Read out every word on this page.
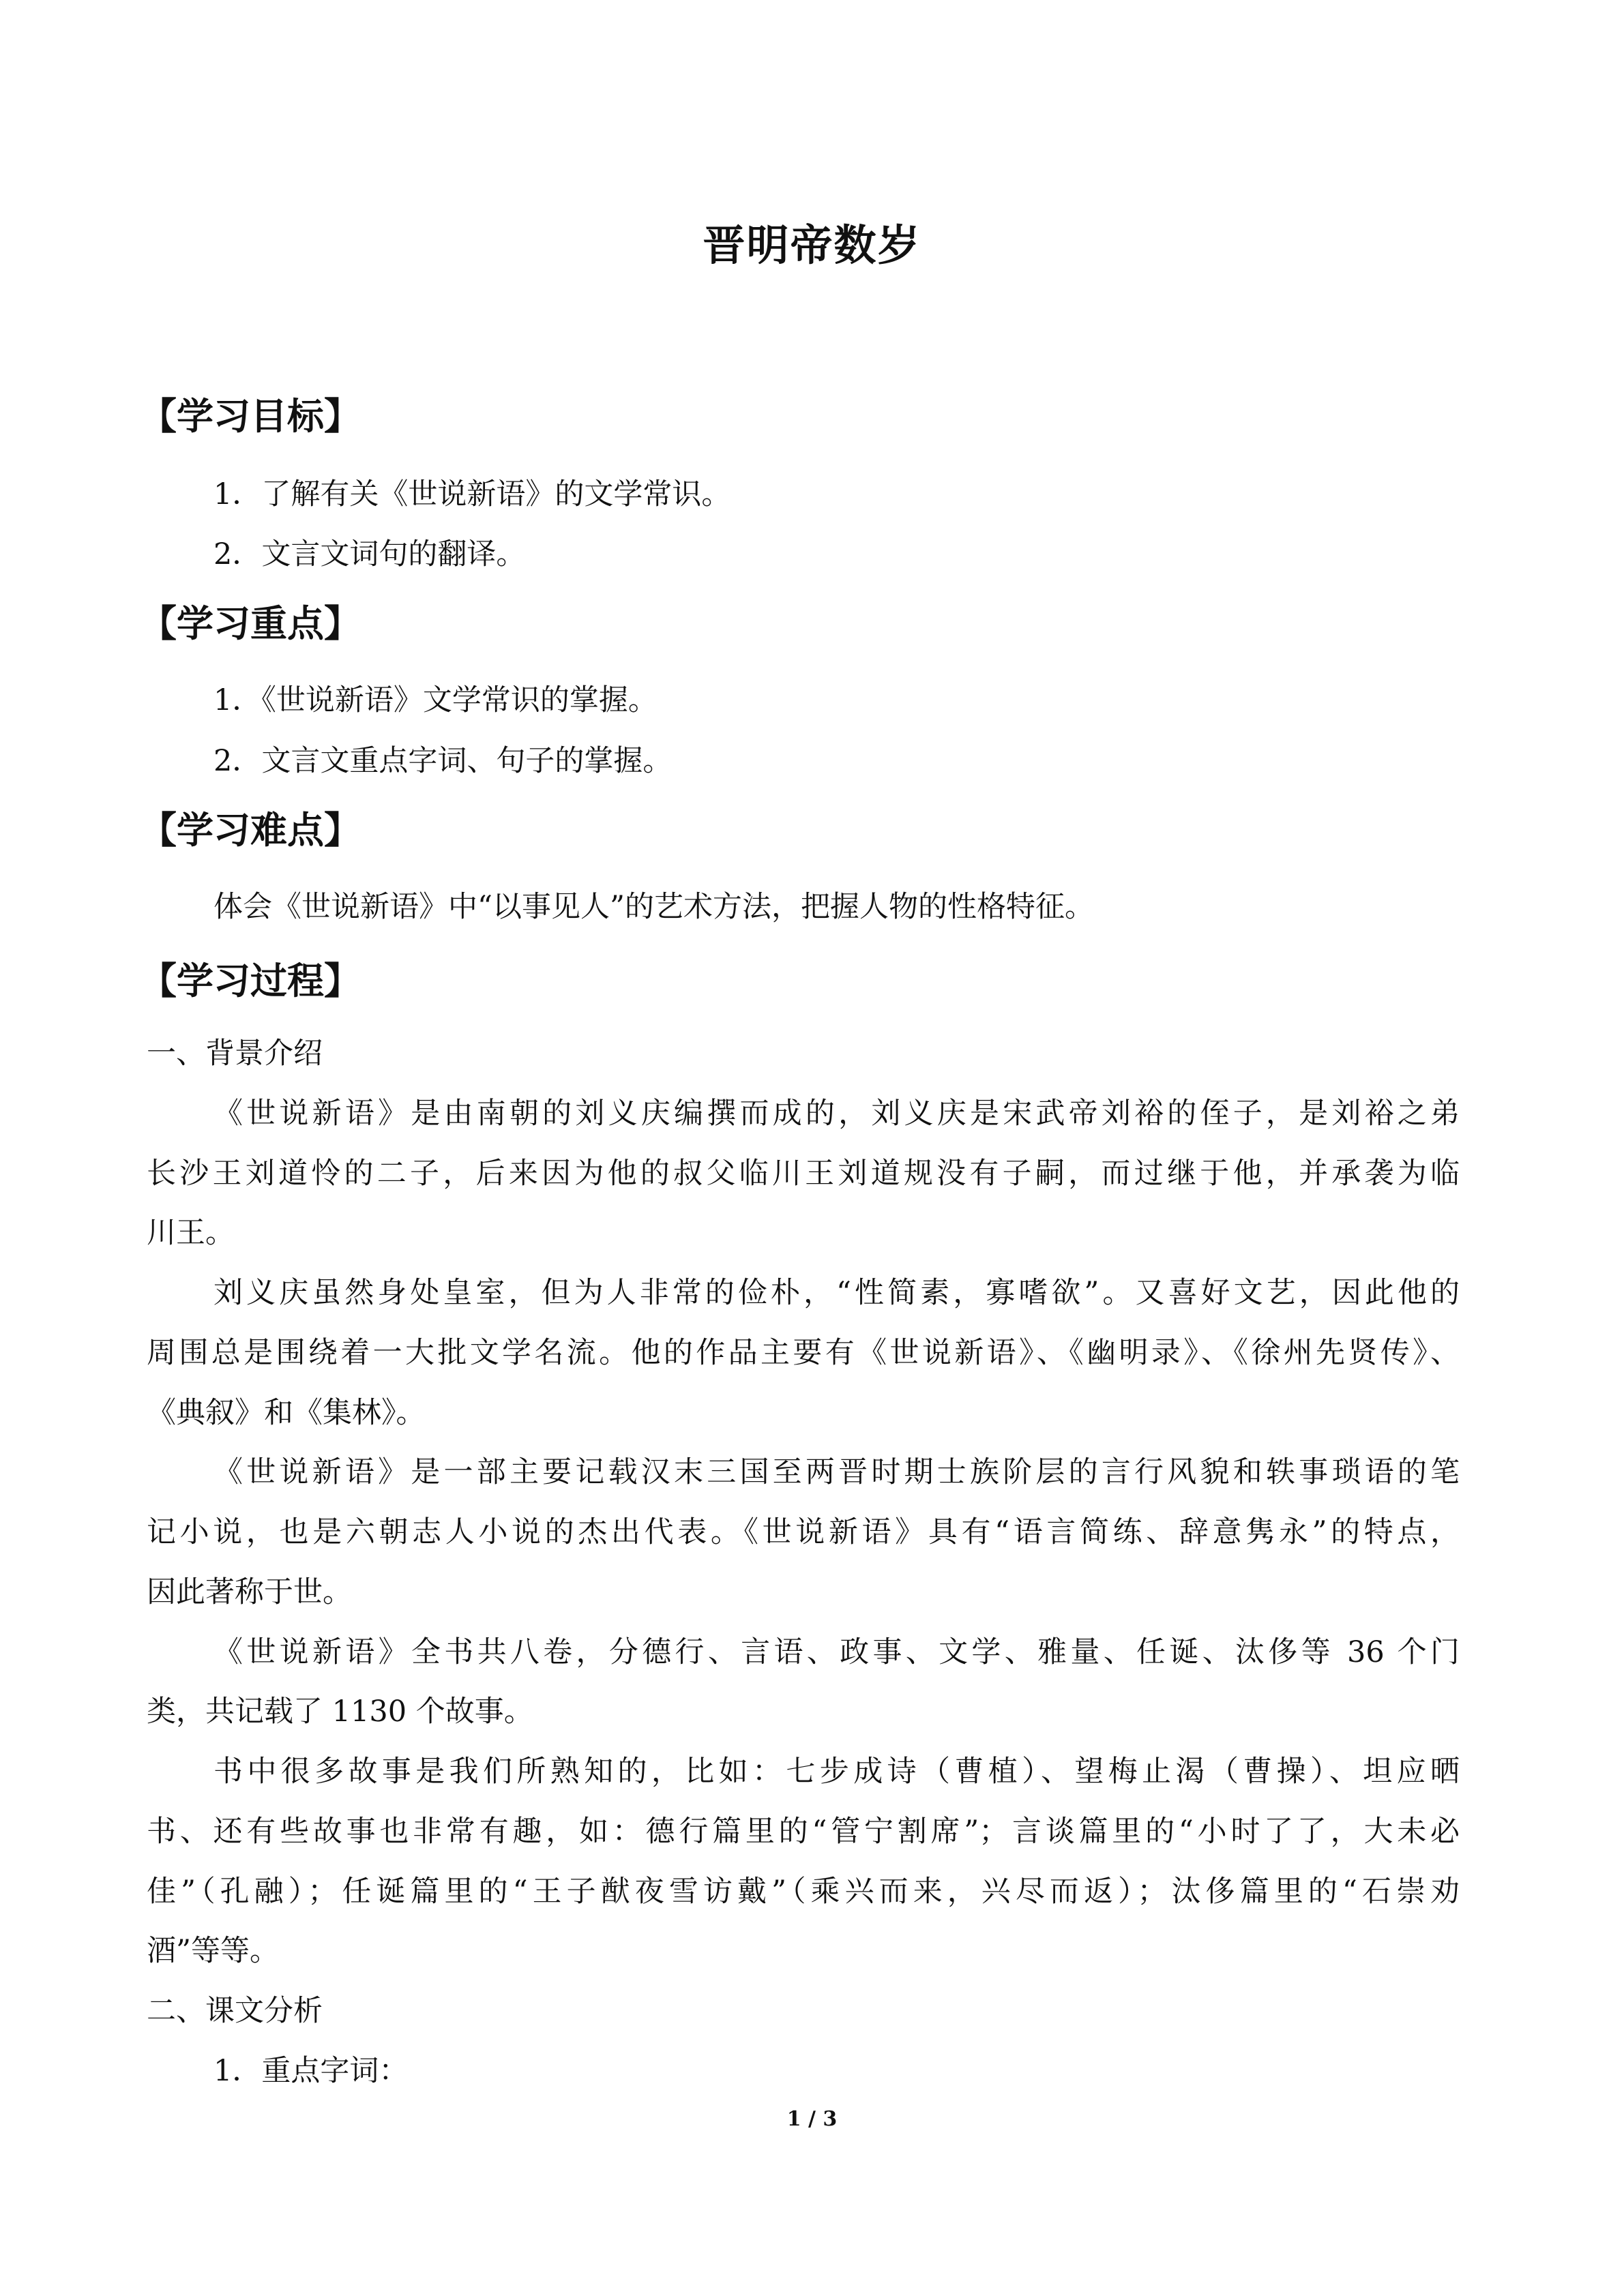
晋明帝数岁
【学习目标】

1．了解有关《世说新语》的文学常识。

2．文言文词句的翻译。

【学习重点】

1．《世说新语》文学常识的掌握。

2．文言文重点字词、句子的掌握。

【学习难点】

体会《世说新语》中“以事见人”的艺术方法，把握人物的性格特征。

【学习过程】

一、背景介绍

《世说新语》是由南朝的刘义庆编撰而成的，刘义庆是宋武帝刘裕的侄子，是刘裕之弟

长沙王刘道怜的二子，后来因为他的叔父临川王刘道规没有子嗣，而过继于他，并承袭为临

川王。

刘义庆虽然身处皇室，但为人非常的俭朴，“性简素，寡嗜欲”。又喜好文艺，因此他的

周围总是围绕着一大批文学名流。他的作品主要有《世说新语》、《幽明录》、《徐州先贤传》、

《典叙》和《集林》。

《世说新语》是一部主要记载汉末三国至两晋时期士族阶层的言行风貌和轶事琐语的笔

记小说，也是六朝志人小说的杰出代表。《世说新语》具有“语言简练、辞意隽永”的特点，

因此著称于世。

《世说新语》全书共八卷，分德行、言语、政事、文学、雅量、任诞、汰侈等 36 个门

类，共记载了 1130 个故事。

书中很多故事是我们所熟知的，比如：七步成诗（曹植）、望梅止渴（曹操）、坦应晒

书、还有些故事也非常有趣，如：德行篇里的“管宁割席”；言谈篇里的“小时了了，大未必

佳”（孔融）；任诞篇里的“王子猷夜雪访戴”（乘兴而来，兴尽而返）；汰侈篇里的“石崇劝

酒”等等。

二、课文分析

1．重点字词：

1 / 3
